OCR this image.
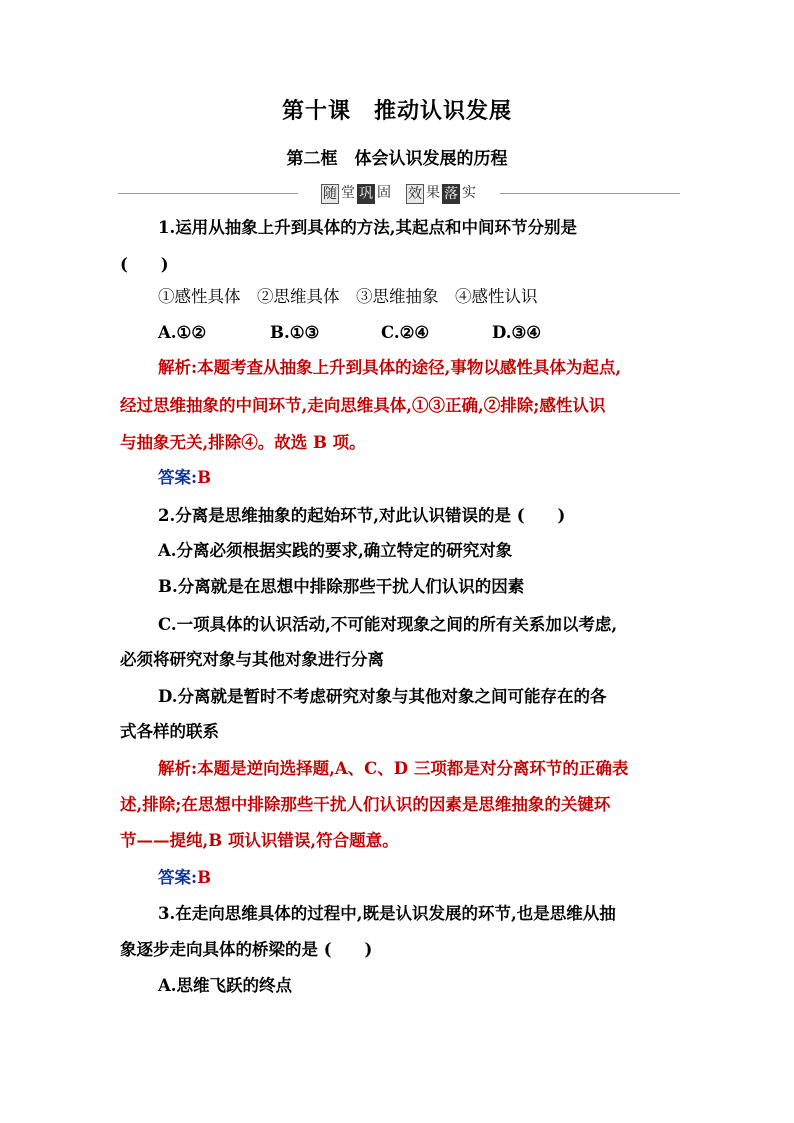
第十课　推动认识发展
第二框　体会认识发展的历程
随 堂 巩 固 效 果 落 实
1.运用从抽象上升到具体的方法,其起点和中间环节分别是
(　　)
①感性具体　②思维具体　③思维抽象　④感性认识
A.①②	B.①③	C.②④	D.③④
解析:本题考查从抽象上升到具体的途径,事物以感性具体为起点,
经过思维抽象的中间环节,走向思维具体,①③正确,②排除;感性认识
与抽象无关,排除④。故选 B 项。
答案:B
2.分离是思维抽象的起始环节,对此认识错误的是 (　　)
A.分离必须根据实践的要求,确立特定的研究对象
B.分离就是在思想中排除那些干扰人们认识的因素
C.一项具体的认识活动,不可能对现象之间的所有关系加以考虑,
必须将研究对象与其他对象进行分离
D.分离就是暂时不考虑研究对象与其他对象之间可能存在的各
式各样的联系
解析:本题是逆向选择题,A、C、D 三项都是对分离环节的正确表
述,排除;在思想中排除那些干扰人们认识的因素是思维抽象的关键环
节——提纯,B 项认识错误,符合题意。
答案:B
3.在走向思维具体的过程中,既是认识发展的环节,也是思维从抽
象逐步走向具体的桥梁的是 (　　)
A.思维飞跃的终点
